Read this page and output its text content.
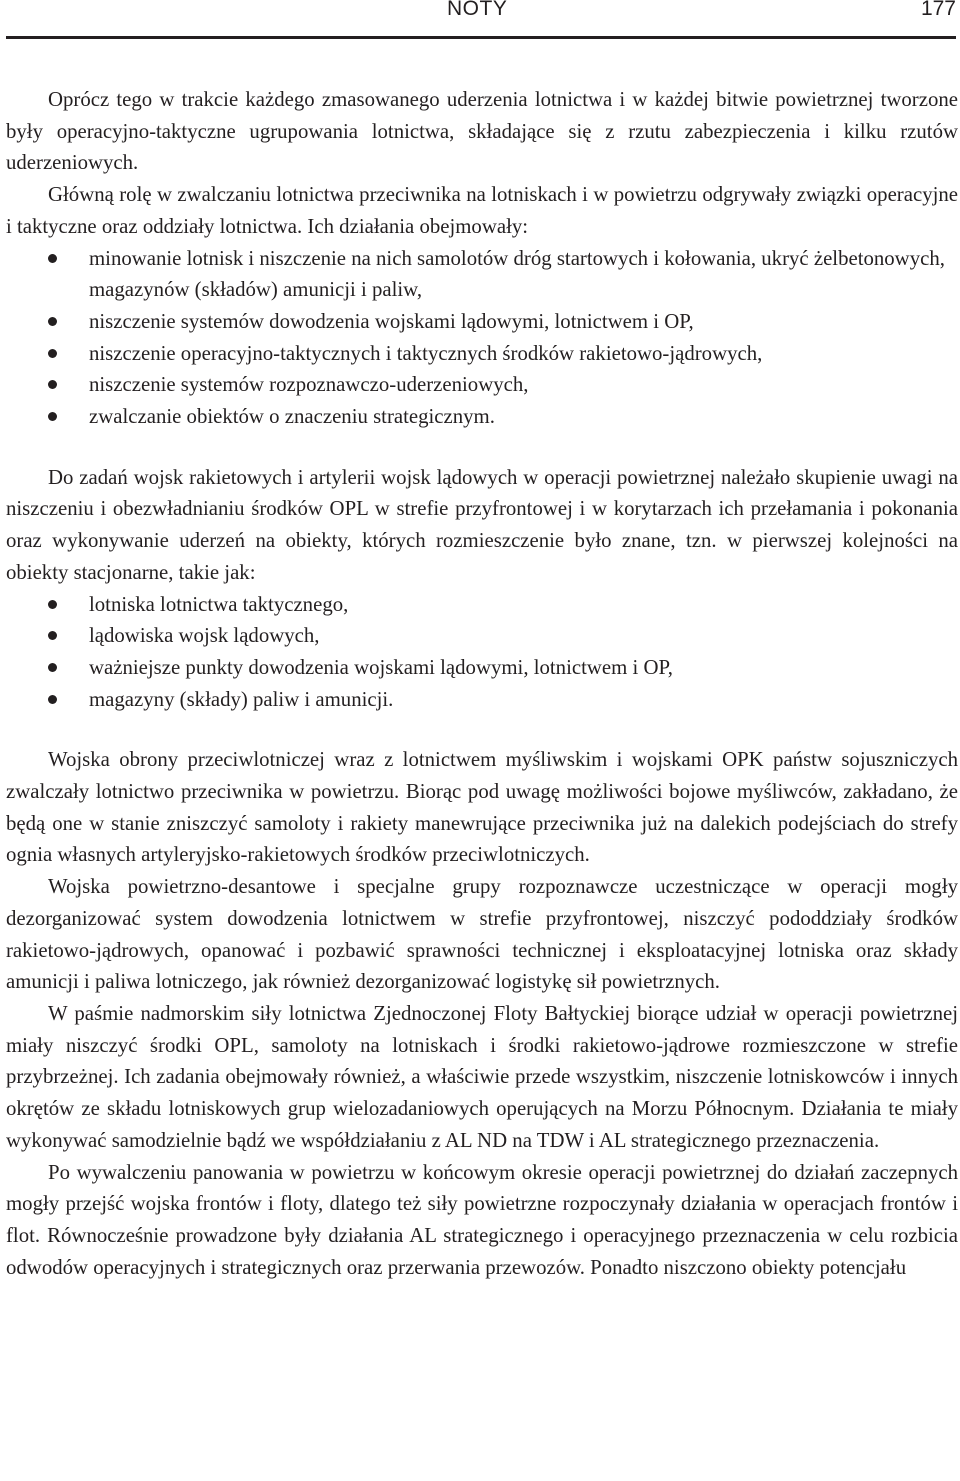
NOTY	177

Oprócz tego w trakcie każdego zmasowanego uderzenia lotnictwa i w każdej bitwie powietrznej tworzone były operacyjno-taktyczne ugrupowania lotnictwa, składające się z rzutu zabezpieczenia i kilku rzutów uderzeniowych.

Główną rolę w zwalczaniu lotnictwa przeciwnika na lotniskach i w powietrzu odgrywały związki operacyjne i taktyczne oraz oddziały lotnictwa. Ich działania obejmowały:

minowanie lotnisk i niszczenie na nich samolotów dróg startowych i kołowania, ukryć żelbetonowych, magazynów (składów) amunicji i paliw,
niszczenie systemów dowodzenia wojskami lądowymi, lotnictwem i OP,
niszczenie operacyjno-taktycznych i taktycznych środków rakietowo-jądrowych,
niszczenie systemów rozpoznawczo-uderzeniowych,
zwalczanie obiektów o znaczeniu strategicznym.

Do zadań wojsk rakietowych i artylerii wojsk lądowych w operacji powietrznej należało skupienie uwagi na niszczeniu i obezwładnianiu środków OPL w strefie przyfrontowej i w korytarzach ich przełamania i pokonania oraz wykonywanie uderzeń na obiekty, których rozmieszczenie było znane, tzn. w pierwszej kolejności na obiekty stacjonarne, takie jak:

lotniska lotnictwa taktycznego,
lądowiska wojsk lądowych,
ważniejsze punkty dowodzenia wojskami lądowymi, lotnictwem i OP,
magazyny (składy) paliw i amunicji.

Wojska obrony przeciwlotniczej wraz z lotnictwem myśliwskim i wojskami OPK państw sojuszniczych zwalczały lotnictwo przeciwnika w powietrzu. Biorąc pod uwagę możliwości bojowe myśliwców, zakładano, że będą one w stanie zniszczyć samoloty i rakiety manewrujące przeciwnika już na dalekich podejściach do strefy ognia własnych artyleryjsko-rakietowych środków przeciwlotniczych.

Wojska powietrzno-desantowe i specjalne grupy rozpoznawcze uczestniczące w operacji mogły dezorganizować system dowodzenia lotnictwem w strefie przyfrontowej, niszczyć pododdziały środków rakietowo-jądrowych, opanować i pozbawić sprawności technicznej i eksploatacyjnej lotniska oraz składy amunicji i paliwa lotniczego, jak również dezorganizować logistykę sił powietrznych.

W paśmie nadmorskim siły lotnictwa Zjednoczonej Floty Bałtyckiej biorące udział w operacji powietrznej miały niszczyć środki OPL, samoloty na lotniskach i środki rakietowo-jądrowe rozmieszczone w strefie przybrzeżnej. Ich zadania obejmowały również, a właściwie przede wszystkim, niszczenie lotniskowców i innych okrętów ze składu lotniskowych grup wielozadaniowych operujących na Morzu Północnym. Działania te miały wykonywać samodzielnie bądź we współdziałaniu z AL ND na TDW i AL strategicznego przeznaczenia.

Po wywalczeniu panowania w powietrzu w końcowym okresie operacji powietrznej do działań zaczepnych mogły przejść wojska frontów i floty, dlatego też siły powietrzne rozpoczynały działania w operacjach frontów i flot. Równocześnie prowadzone były działania AL strategicznego i operacyjnego przeznaczenia w celu rozbicia odwodów operacyjnych i strategicznych oraz przerwania przewozów. Ponadto niszczono obiekty potencjału
